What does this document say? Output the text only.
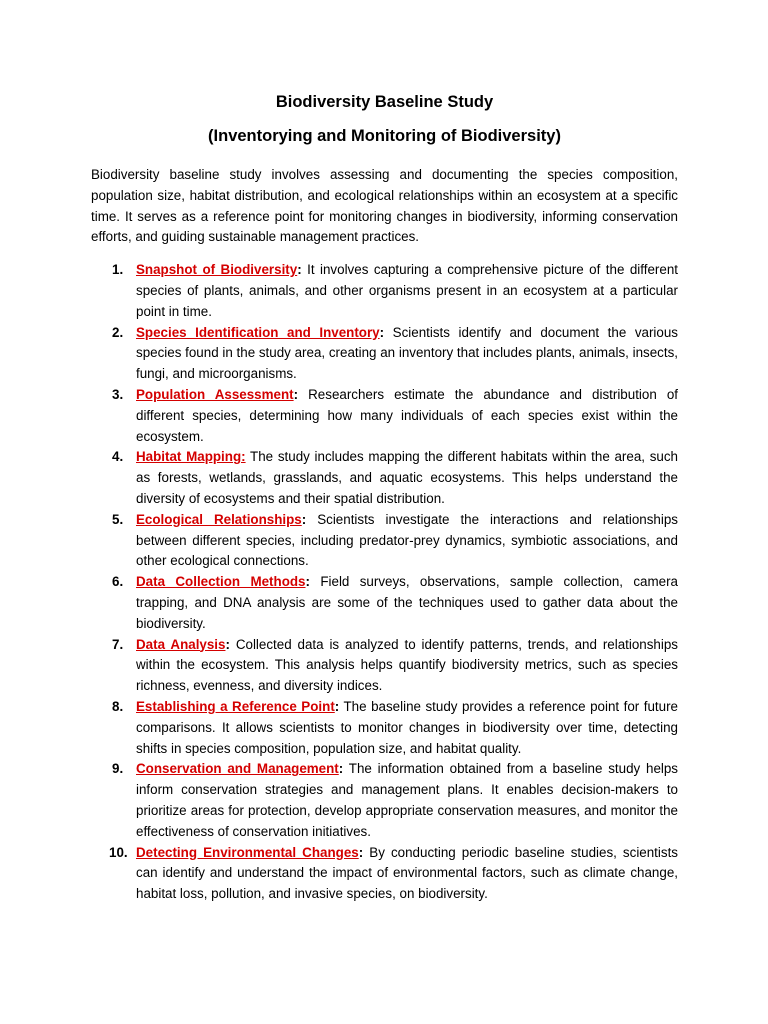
Biodiversity Baseline Study
(Inventorying and Monitoring of Biodiversity)

Biodiversity baseline study involves assessing and documenting the species composition, population size, habitat distribution, and ecological relationships within an ecosystem at a specific time. It serves as a reference point for monitoring changes in biodiversity, informing conservation efforts, and guiding sustainable management practices.

1. Snapshot of Biodiversity: It involves capturing a comprehensive picture of the different species of plants, animals, and other organisms present in an ecosystem at a particular point in time.
2. Species Identification and Inventory: Scientists identify and document the various species found in the study area, creating an inventory that includes plants, animals, insects, fungi, and microorganisms.
3. Population Assessment: Researchers estimate the abundance and distribution of different species, determining how many individuals of each species exist within the ecosystem.
4. Habitat Mapping: The study includes mapping the different habitats within the area, such as forests, wetlands, grasslands, and aquatic ecosystems. This helps understand the diversity of ecosystems and their spatial distribution.
5. Ecological Relationships: Scientists investigate the interactions and relationships between different species, including predator-prey dynamics, symbiotic associations, and other ecological connections.
6. Data Collection Methods: Field surveys, observations, sample collection, camera trapping, and DNA analysis are some of the techniques used to gather data about the biodiversity.
7. Data Analysis: Collected data is analyzed to identify patterns, trends, and relationships within the ecosystem. This analysis helps quantify biodiversity metrics, such as species richness, evenness, and diversity indices.
8. Establishing a Reference Point: The baseline study provides a reference point for future comparisons. It allows scientists to monitor changes in biodiversity over time, detecting shifts in species composition, population size, and habitat quality.
9. Conservation and Management: The information obtained from a baseline study helps inform conservation strategies and management plans. It enables decision-makers to prioritize areas for protection, develop appropriate conservation measures, and monitor the effectiveness of conservation initiatives.
10. Detecting Environmental Changes: By conducting periodic baseline studies, scientists can identify and understand the impact of environmental factors, such as climate change, habitat loss, pollution, and invasive species, on biodiversity.
